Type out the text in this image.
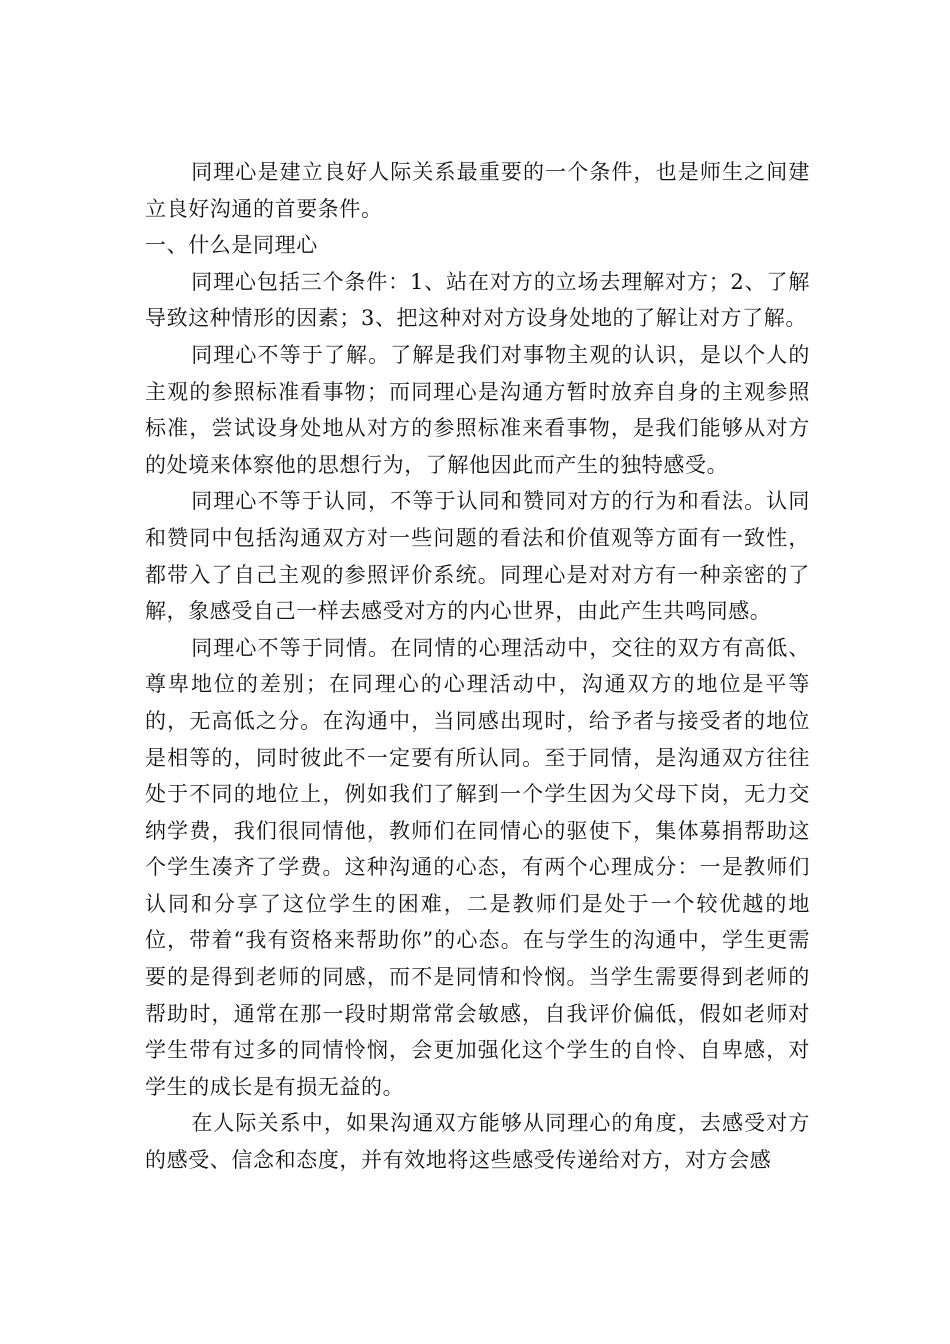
同理心是建立良好人际关系最重要的一个条件，也是师生之间建立良好沟通的首要条件。

一、什么是同理心

同理心包括三个条件：1、站在对方的立场去理解对方；2、了解导致这种情形的因素；3、把这种对对方设身处地的了解让对方了解。

同理心不等于了解。了解是我们对事物主观的认识，是以个人的主观的参照标准看事物；而同理心是沟通方暂时放弃自身的主观参照标准，尝试设身处地从对方的参照标准来看事物，是我们能够从对方的处境来体察他的思想行为，了解他因此而产生的独特感受。

同理心不等于认同，不等于认同和赞同对方的行为和看法。认同和赞同中包括沟通双方对一些问题的看法和价值观等方面有一致性，都带入了自己主观的参照评价系统。同理心是对对方有一种亲密的了解，象感受自己一样去感受对方的内心世界，由此产生共鸣同感。

同理心不等于同情。在同情的心理活动中，交往的双方有高低、尊卑地位的差别；在同理心的心理活动中，沟通双方的地位是平等的，无高低之分。在沟通中，当同感出现时，给予者与接受者的地位是相等的，同时彼此不一定要有所认同。至于同情，是沟通双方往往处于不同的地位上，例如我们了解到一个学生因为父母下岗，无力交纳学费，我们很同情他，教师们在同情心的驱使下，集体募捐帮助这个学生凑齐了学费。这种沟通的心态，有两个心理成分：一是教师们认同和分享了这位学生的困难，二是教师们是处于一个较优越的地位，带着“我有资格来帮助你”的心态。在与学生的沟通中，学生更需要的是得到老师的同感，而不是同情和怜悯。当学生需要得到老师的帮助时，通常在那一段时期常常会敏感，自我评价偏低，假如老师对学生带有过多的同情怜悯，会更加强化这个学生的自怜、自卑感，对学生的成长是有损无益的。

在人际关系中，如果沟通双方能够从同理心的角度，去感受对方的感受、信念和态度，并有效地将这些感受传递给对方，对方会感
